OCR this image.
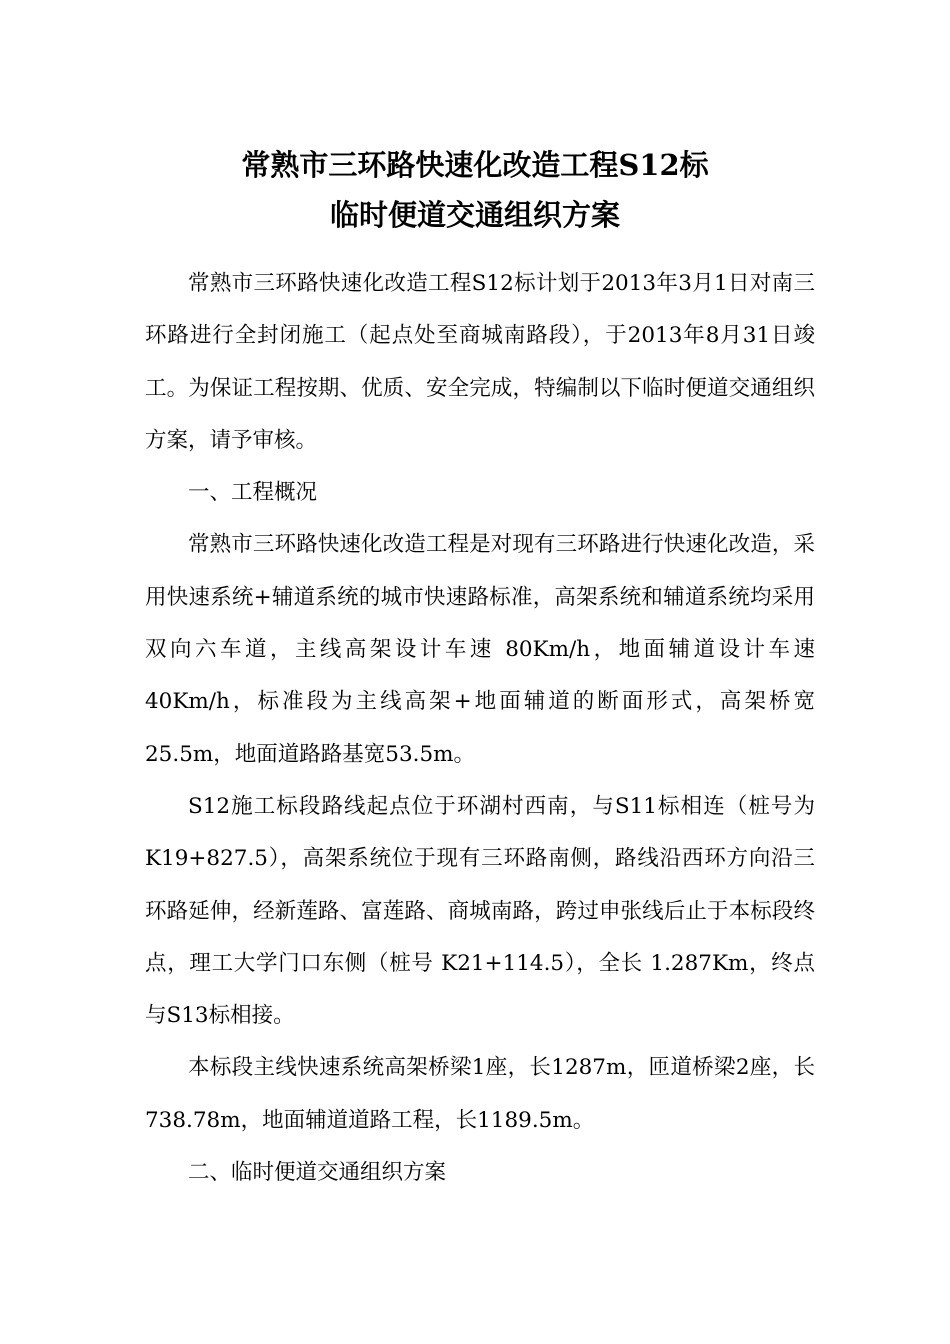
常熟市三环路快速化改造工程S12标
临时便道交通组织方案

常熟市三环路快速化改造工程S12标计划于2013年3月1日对南三环路进行全封闭施工（起点处至商城南路段），于2013年8月31日竣工。为保证工程按期、优质、安全完成，特编制以下临时便道交通组织方案，请予审核。

一、工程概况

常熟市三环路快速化改造工程是对现有三环路进行快速化改造，采用快速系统+辅道系统的城市快速路标准，高架系统和辅道系统均采用双向六车道，主线高架设计车速 80Km/h，地面辅道设计车速40Km/h，标准段为主线高架+地面辅道的断面形式，高架桥宽25.5m，地面道路路基宽53.5m。

S12施工标段路线起点位于环湖村西南，与S11标相连（桩号为K19+827.5），高架系统位于现有三环路南侧，路线沿西环方向沿三环路延伸，经新莲路、富莲路、商城南路，跨过申张线后止于本标段终点，理工大学门口东侧（桩号 K21+114.5），全长 1.287Km，终点与S13标相接。

本标段主线快速系统高架桥梁1座，长1287m，匝道桥梁2座，长738.78m，地面辅道道路工程，长1189.5m。

二、临时便道交通组织方案
